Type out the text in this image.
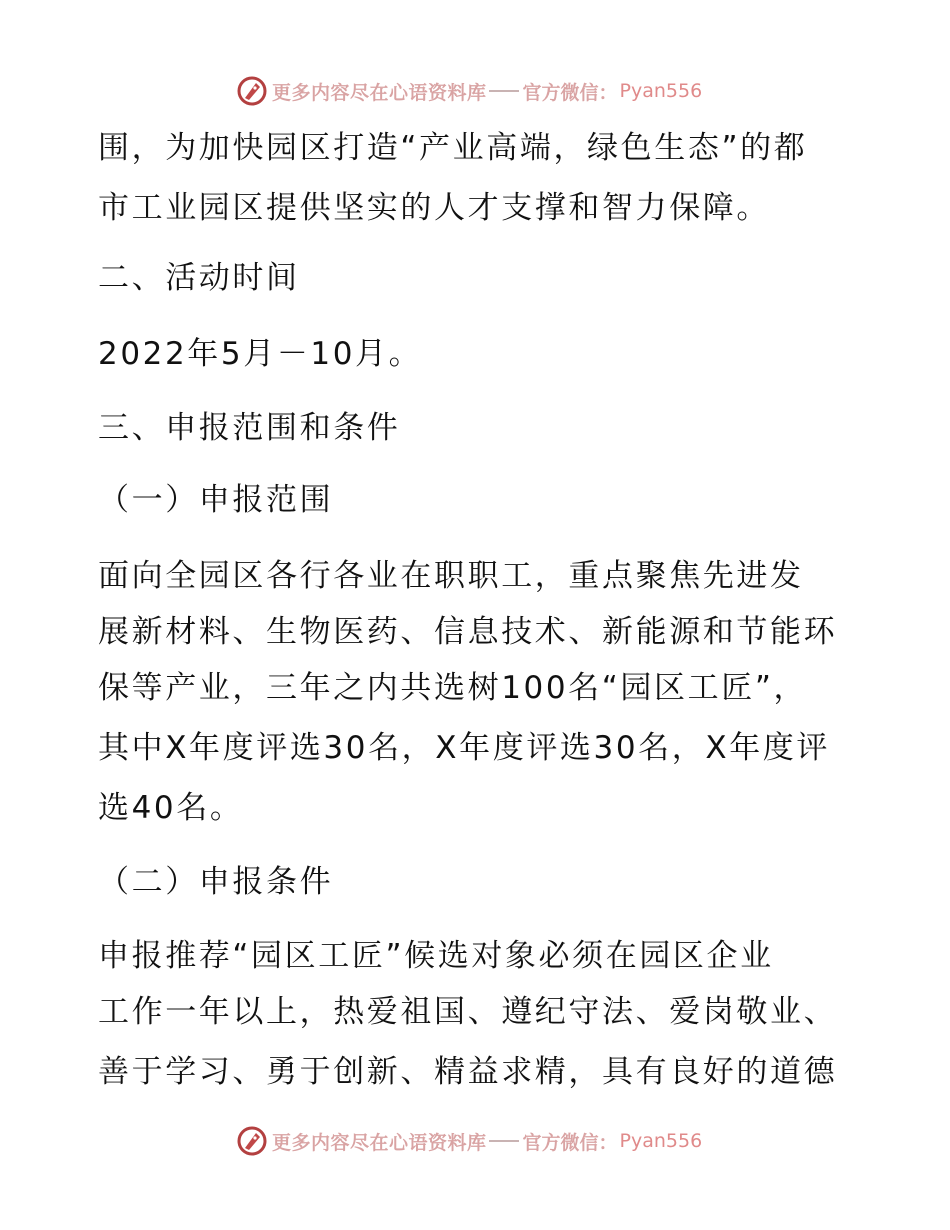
更多内容尽在心语资料库 官方微信： Pyan556
围，为加快园区打造“产业高端，绿色生态”的都
市工业园区提供坚实的人才支撑和智力保障。
二、活动时间
2022年5月－10月。
三、申报范围和条件
（一）申报范围
面向全园区各行各业在职职工，重点聚焦先进发
展新材料、生物医药、信息技术、新能源和节能环
保等产业，三年之内共选树100名“园区工匠”，
其中X年度评选30名，X年度评选30名，X年度评
选40名。
（二）申报条件
申报推荐“园区工匠”候选对象必须在园区企业
工作一年以上，热爱祖国、遵纪守法、爱岗敬业、
善于学习、勇于创新、精益求精，具有良好的道德
更多内容尽在心语资料库 官方微信： Pyan556
